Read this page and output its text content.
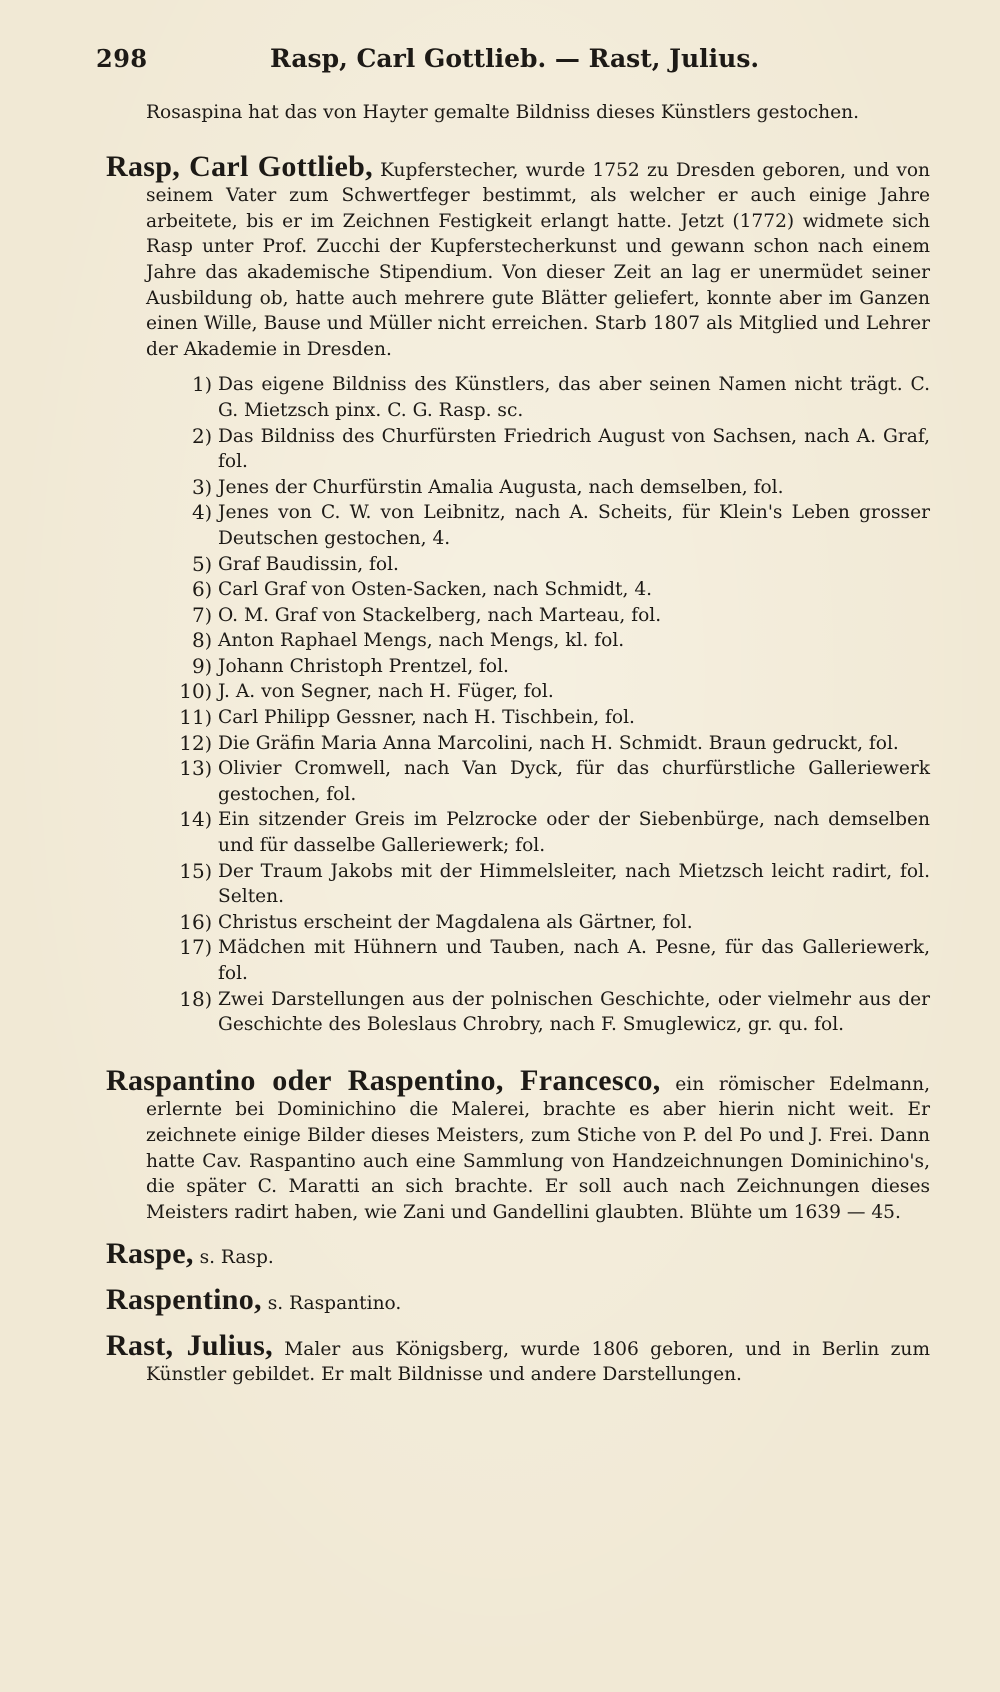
298	Rasp, Carl Gottlieb. — Rast, Julius.

Rosaspina hat das von Hayter gemalte Bildniss dieses Künstlers gestochen.

Rasp, Carl Gottlieb, Kupferstecher, wurde 1752 zu Dresden geboren, und von seinem Vater zum Schwertfeger bestimmt, als welcher er auch einige Jahre arbeitete, bis er im Zeichnen Festigkeit erlangt hatte. Jetzt (1772) widmete sich Rasp unter Prof. Zucchi der Kupferstecherkunst und gewann schon nach einem Jahre das akademische Stipendium. Von dieser Zeit an lag er unermüdet seiner Ausbildung ob, hatte auch mehrere gute Blätter geliefert, konnte aber im Ganzen einen Wille, Bause und Müller nicht erreichen. Starb 1807 als Mitglied und Lehrer der Akademie in Dresden.

1) Das eigene Bildniss des Künstlers, das aber seinen Namen nicht trägt. C. G. Mietzsch pinx. C. G. Rasp. sc.
2) Das Bildniss des Churfürsten Friedrich August von Sachsen, nach A. Graf, fol.
3) Jenes der Churfürstin Amalia Augusta, nach demselben, fol.
4) Jenes von C. W. von Leibnitz, nach A. Scheits, für Klein's Leben grosser Deutschen gestochen, 4.
5) Graf Baudissin, fol.
6) Carl Graf von Osten-Sacken, nach Schmidt, 4.
7) O. M. Graf von Stackelberg, nach Marteau, fol.
8) Anton Raphael Mengs, nach Mengs, kl. fol.
9) Johann Christoph Prentzel, fol.
10) J. A. von Segner, nach H. Füger, fol.
11) Carl Philipp Gessner, nach H. Tischbein, fol.
12) Die Gräfin Maria Anna Marcolini, nach H. Schmidt. Braun gedruckt, fol.
13) Olivier Cromwell, nach Van Dyck, für das churfürstliche Galleriewerk gestochen, fol.
14) Ein sitzender Greis im Pelzrocke oder der Siebenbürge, nach demselben und für dasselbe Galleriewerk; fol.
15) Der Traum Jakobs mit der Himmelsleiter, nach Mietzsch leicht radirt, fol. Selten.
16) Christus erscheint der Magdalena als Gärtner, fol.
17) Mädchen mit Hühnern und Tauben, nach A. Pesne, für das Galleriewerk, fol.
18) Zwei Darstellungen aus der polnischen Geschichte, oder vielmehr aus der Geschichte des Boleslaus Chrobry, nach F. Smuglewicz, gr. qu. fol.

Raspantino oder Raspentino, Francesco, ein römischer Edelmann, erlernte bei Dominichino die Malerei, brachte es aber hierin nicht weit. Er zeichnete einige Bilder dieses Meisters, zum Stiche von P. del Po und J. Frei. Dann hatte Cav. Raspantino auch eine Sammlung von Handzeichnungen Dominichino's, die später C. Maratti an sich brachte. Er soll auch nach Zeichnungen dieses Meisters radirt haben, wie Zani und Gandellini glaubten. Blühte um 1639 — 45.

Raspe, s. Rasp.

Raspentino, s. Raspantino.

Rast, Julius, Maler aus Königsberg, wurde 1806 geboren, und in Berlin zum Künstler gebildet. Er malt Bildnisse und andere Darstellungen.
